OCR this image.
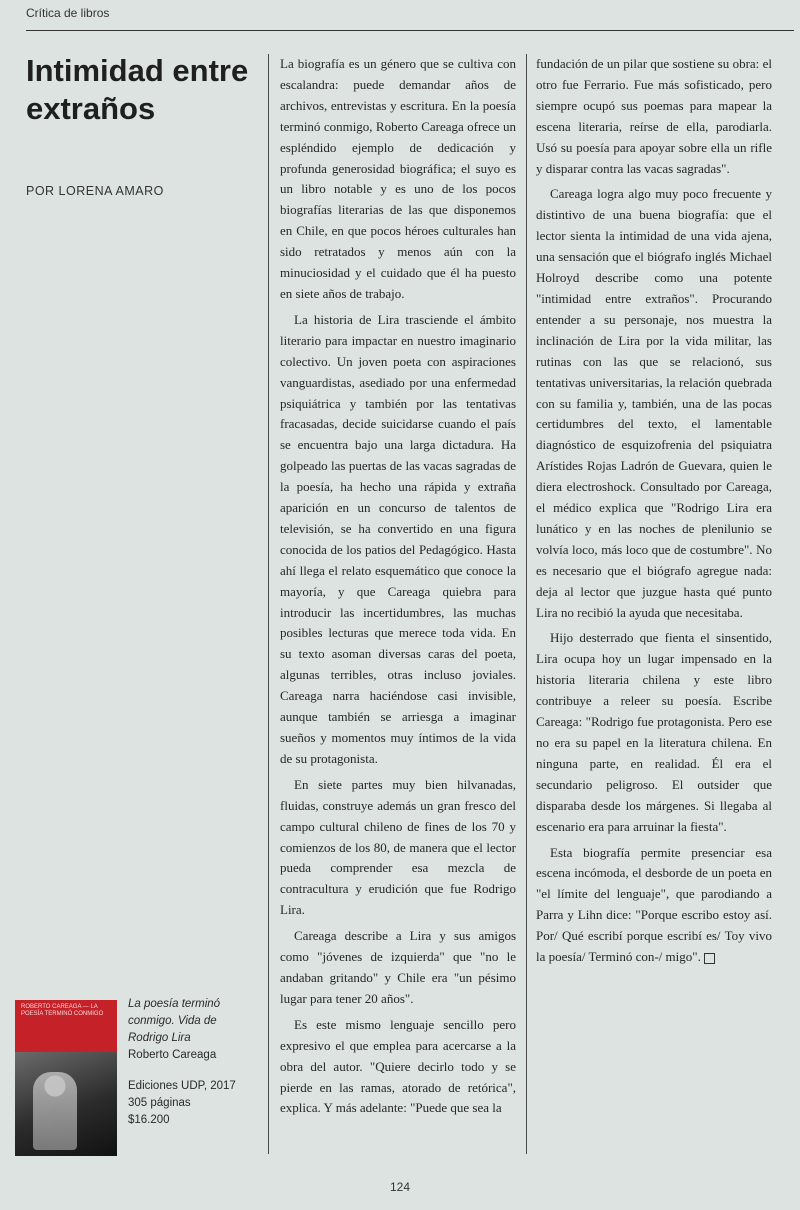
Crítica de libros
Intimidad entre extraños
POR LORENA AMARO

La biografía es un género que se cultiva con escalandra: puede demandar años de archivos, entrevistas y escritura. En la poesía terminó conmigo, Roberto Careaga ofrece un espléndido ejemplo de dedicación y profunda generosidad biográfica; el suyo es un libro notable y es uno de los pocos biografías literarias de las que disponemos en Chile, en que pocos héroes culturales han sido retratados y menos aún con la minuciosidad y el cuidado que él ha puesto en siete años de trabajo.

La historia de Lira trasciende el ámbito literario para impactar en nuestro imaginario colectivo. Un joven poeta con aspiraciones vanguardistas, asediado por una enfermedad psiquiátrica y también por las tentativas fracasadas, decide suicidarse cuando el país se encuentra bajo una larga dictadura. Ha golpeado las puertas de las vacas sagradas de la poesía, ha hecho una rápida y extraña aparición en un concurso de talentos de televisión, se ha convertido en una figura conocida de los patios del Pedagógico. Hasta ahí llega el relato esquemático que conoce la mayoría, y que Careaga quiebra para introducir las incertidumbres, las muchas posibles lecturas que merece toda vida. En su texto asoman diversas caras del poeta, algunas terribles, otras incluso joviales. Careaga narra haciéndose casi invisible, aunque también se arriesga a imaginar sueños y momentos muy íntimos de la vida de su protagonista.

En siete partes muy bien hilvanadas, fluidas, construye además un gran fresco del campo cultural chileno de fines de los 70 y comienzos de los 80, de manera que el lector pueda comprender esa mezcla de contracultura y erudición que fue Rodrigo Lira.

Careaga describe a Lira y sus amigos como "jóvenes de izquierda" que "no le andaban gritando" y Chile era "un pésimo lugar para tener 20 años".

Es este mismo lenguaje sencillo pero expresivo el que emplea para acercarse a la obra del autor. "Quiere decirlo todo y se pierde en las ramas, atorado de retórica", explica. Y más adelante: "Puede que sea la

fundación de un pilar que sostiene su obra: el otro fue Ferrario. Fue más sofisticado, pero siempre ocupó sus poemas para mapear la escena literaria, reírse de ella, parodiarla. Usó su poesía para apoyar sobre ella un rifle y disparar contra las vacas sagradas".

Careaga logra algo muy poco frecuente y distintivo de una buena biografía: que el lector sienta la intimidad de una vida ajena, una sensación que el biógrafo inglés Michael Holroyd describe como una potente "intimidad entre extraños". Procurando entender a su personaje, nos muestra la inclinación de Lira por la vida militar, las rutinas con las que se relacionó, sus tentativas universitarias, la relación quebrada con su familia y, también, una de las pocas certidumbres del texto, el lamentable diagnóstico de esquizofrenia del psiquiatra Arístides Rojas Ladrón de Guevara, quien le diera electroshock. Consultado por Careaga, el médico explica que "Rodrigo Lira era lunático y en las noches de plenilunio se volvía loco, más loco que de costumbre". No es necesario que el biógrafo agregue nada: deja al lector que juzgue hasta qué punto Lira no recibió la ayuda que necesitaba.

Hijo desterrado que fienta el sinsentido, Lira ocupa hoy un lugar impensado en la historia literaria chilena y este libro contribuye a releer su poesía. Escribe Careaga: "Rodrigo fue protagonista. Pero ese no era su papel en la literatura chilena. En ninguna parte, en realidad. Él era el secundario peligroso. El outsider que disparaba desde los márgenes. Si llegaba al escenario era para arruinar la fiesta".

Esta biografía permite presenciar esa escena incómoda, el desborde de un poeta en "el límite del lenguaje", que parodiando a Parra y Lihn dice: "Porque escribo estoy así. Por/ Qué escribí porque escribí es/ Toy vivo la poesía/ Terminó con-/ migo".

ROBERTO CAREAGA — LA POESÍA TERMINÓ CONMIGO
La poesía terminó conmigo. Vida de Rodrigo Lira
Roberto Careaga
Ediciones UDP, 2017
305 páginas
$16.200
124
